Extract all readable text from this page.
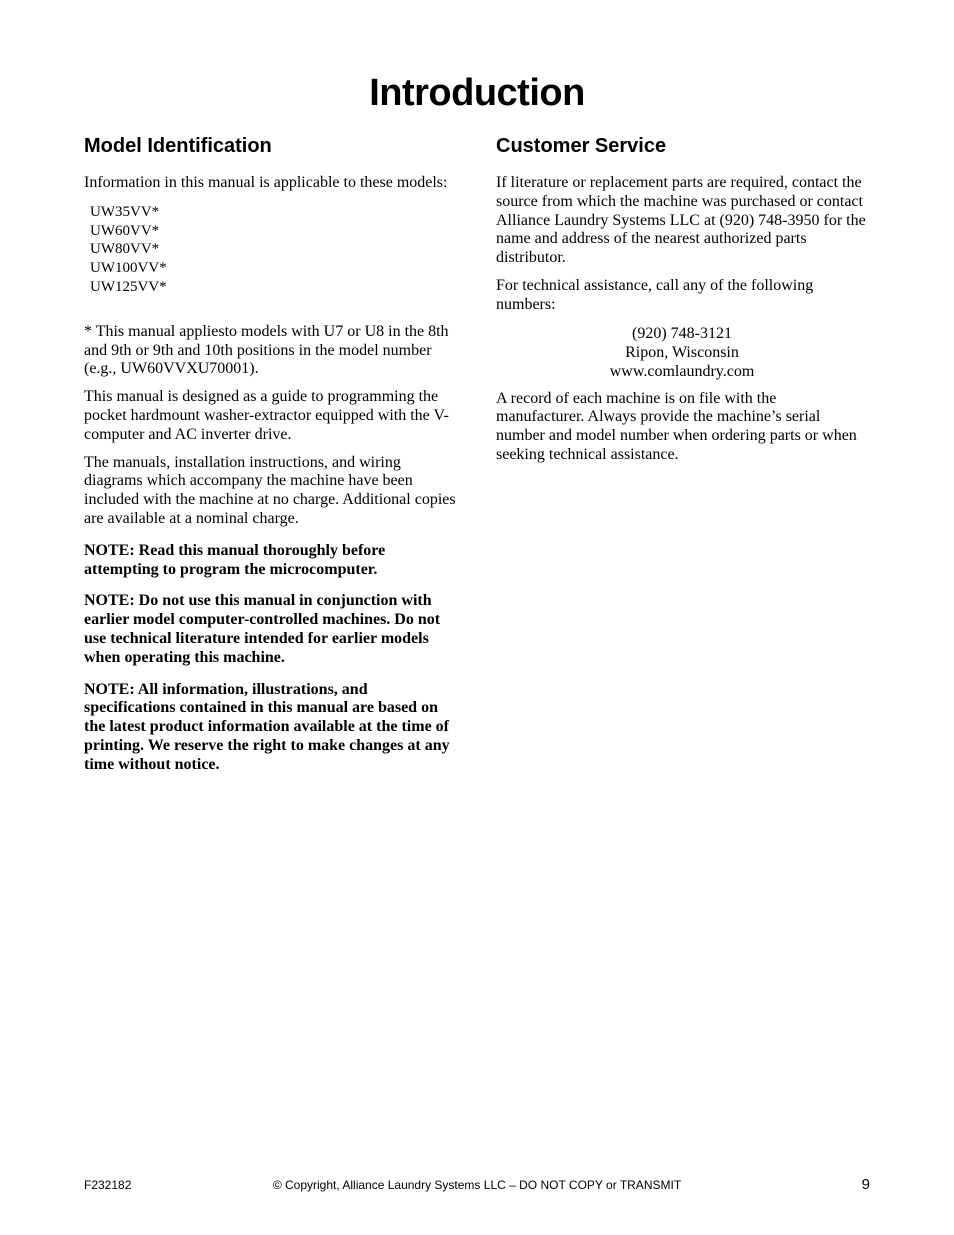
Introduction
Model Identification

Information in this manual is applicable to these models:

UW35VV*
UW60VV*
UW80VV*
UW100VV*
UW125VV*

* This manual appliesto models with U7 or U8 in the 8th and 9th or 9th and 10th positions in the model number (e.g., UW60VVXU70001).

This manual is designed as a guide to programming the pocket hardmount washer-extractor equipped with the V-computer and AC inverter drive.

The manuals, installation instructions, and wiring diagrams which accompany the machine have been included with the machine at no charge. Additional copies are available at a nominal charge.

NOTE: Read this manual thoroughly before attempting to program the microcomputer.

NOTE: Do not use this manual in conjunction with earlier model computer-controlled machines. Do not use technical literature intended for earlier models when operating this machine.

NOTE: All information, illustrations, and specifications contained in this manual are based on the latest product information available at the time of printing. We reserve the right to make changes at any time without notice.

Customer Service

If literature or replacement parts are required, contact the source from which the machine was purchased or contact Alliance Laundry Systems LLC at (920) 748-3950 for the name and address of the nearest authorized parts distributor.

For technical assistance, call any of the following numbers:

(920) 748-3121
Ripon, Wisconsin
www.comlaundry.com

A record of each machine is on file with the manufacturer. Always provide the machine’s serial number and model number when ordering parts or when seeking technical assistance.

F232182	© Copyright, Alliance Laundry Systems LLC – DO NOT COPY or TRANSMIT	9
